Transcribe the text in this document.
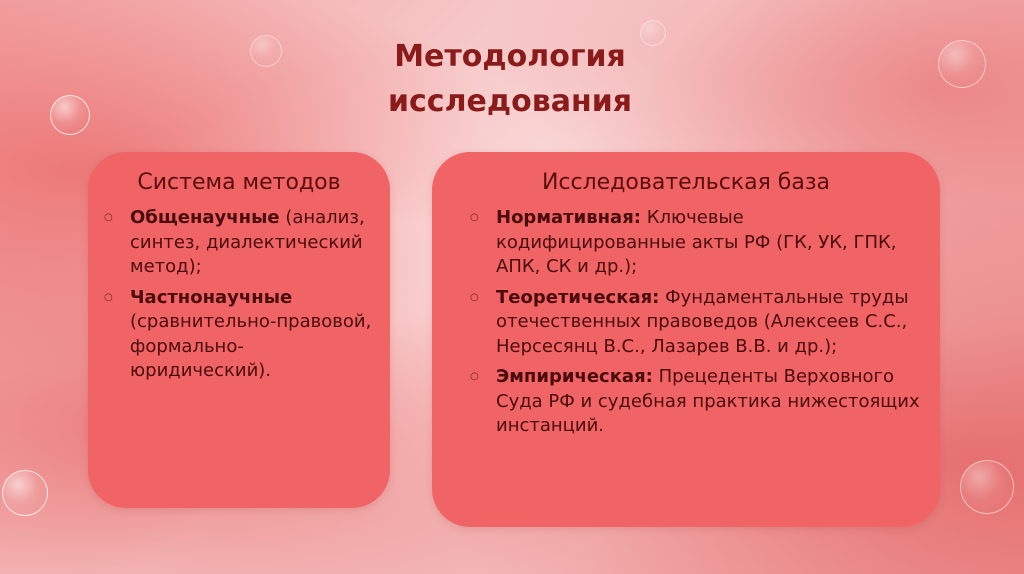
Методология
исследования
Система методов
○ Общенаучные (анализ, синтез, диалектический метод);
○ Частнонаучные (сравнительно-правовой, формально-юридический).
Исследовательская база
○ Нормативная: Ключевые кодифицированные акты РФ (ГК, УК, ГПК, АПК, СК и др.);
○ Теоретическая: Фундаментальные труды отечественных правоведов (Алексеев С.С., Нерсесянц В.С., Лазарев В.В. и др.);
○ Эмпирическая: Прецеденты Верховного Суда РФ и судебная практика нижестоящих инстанций.
